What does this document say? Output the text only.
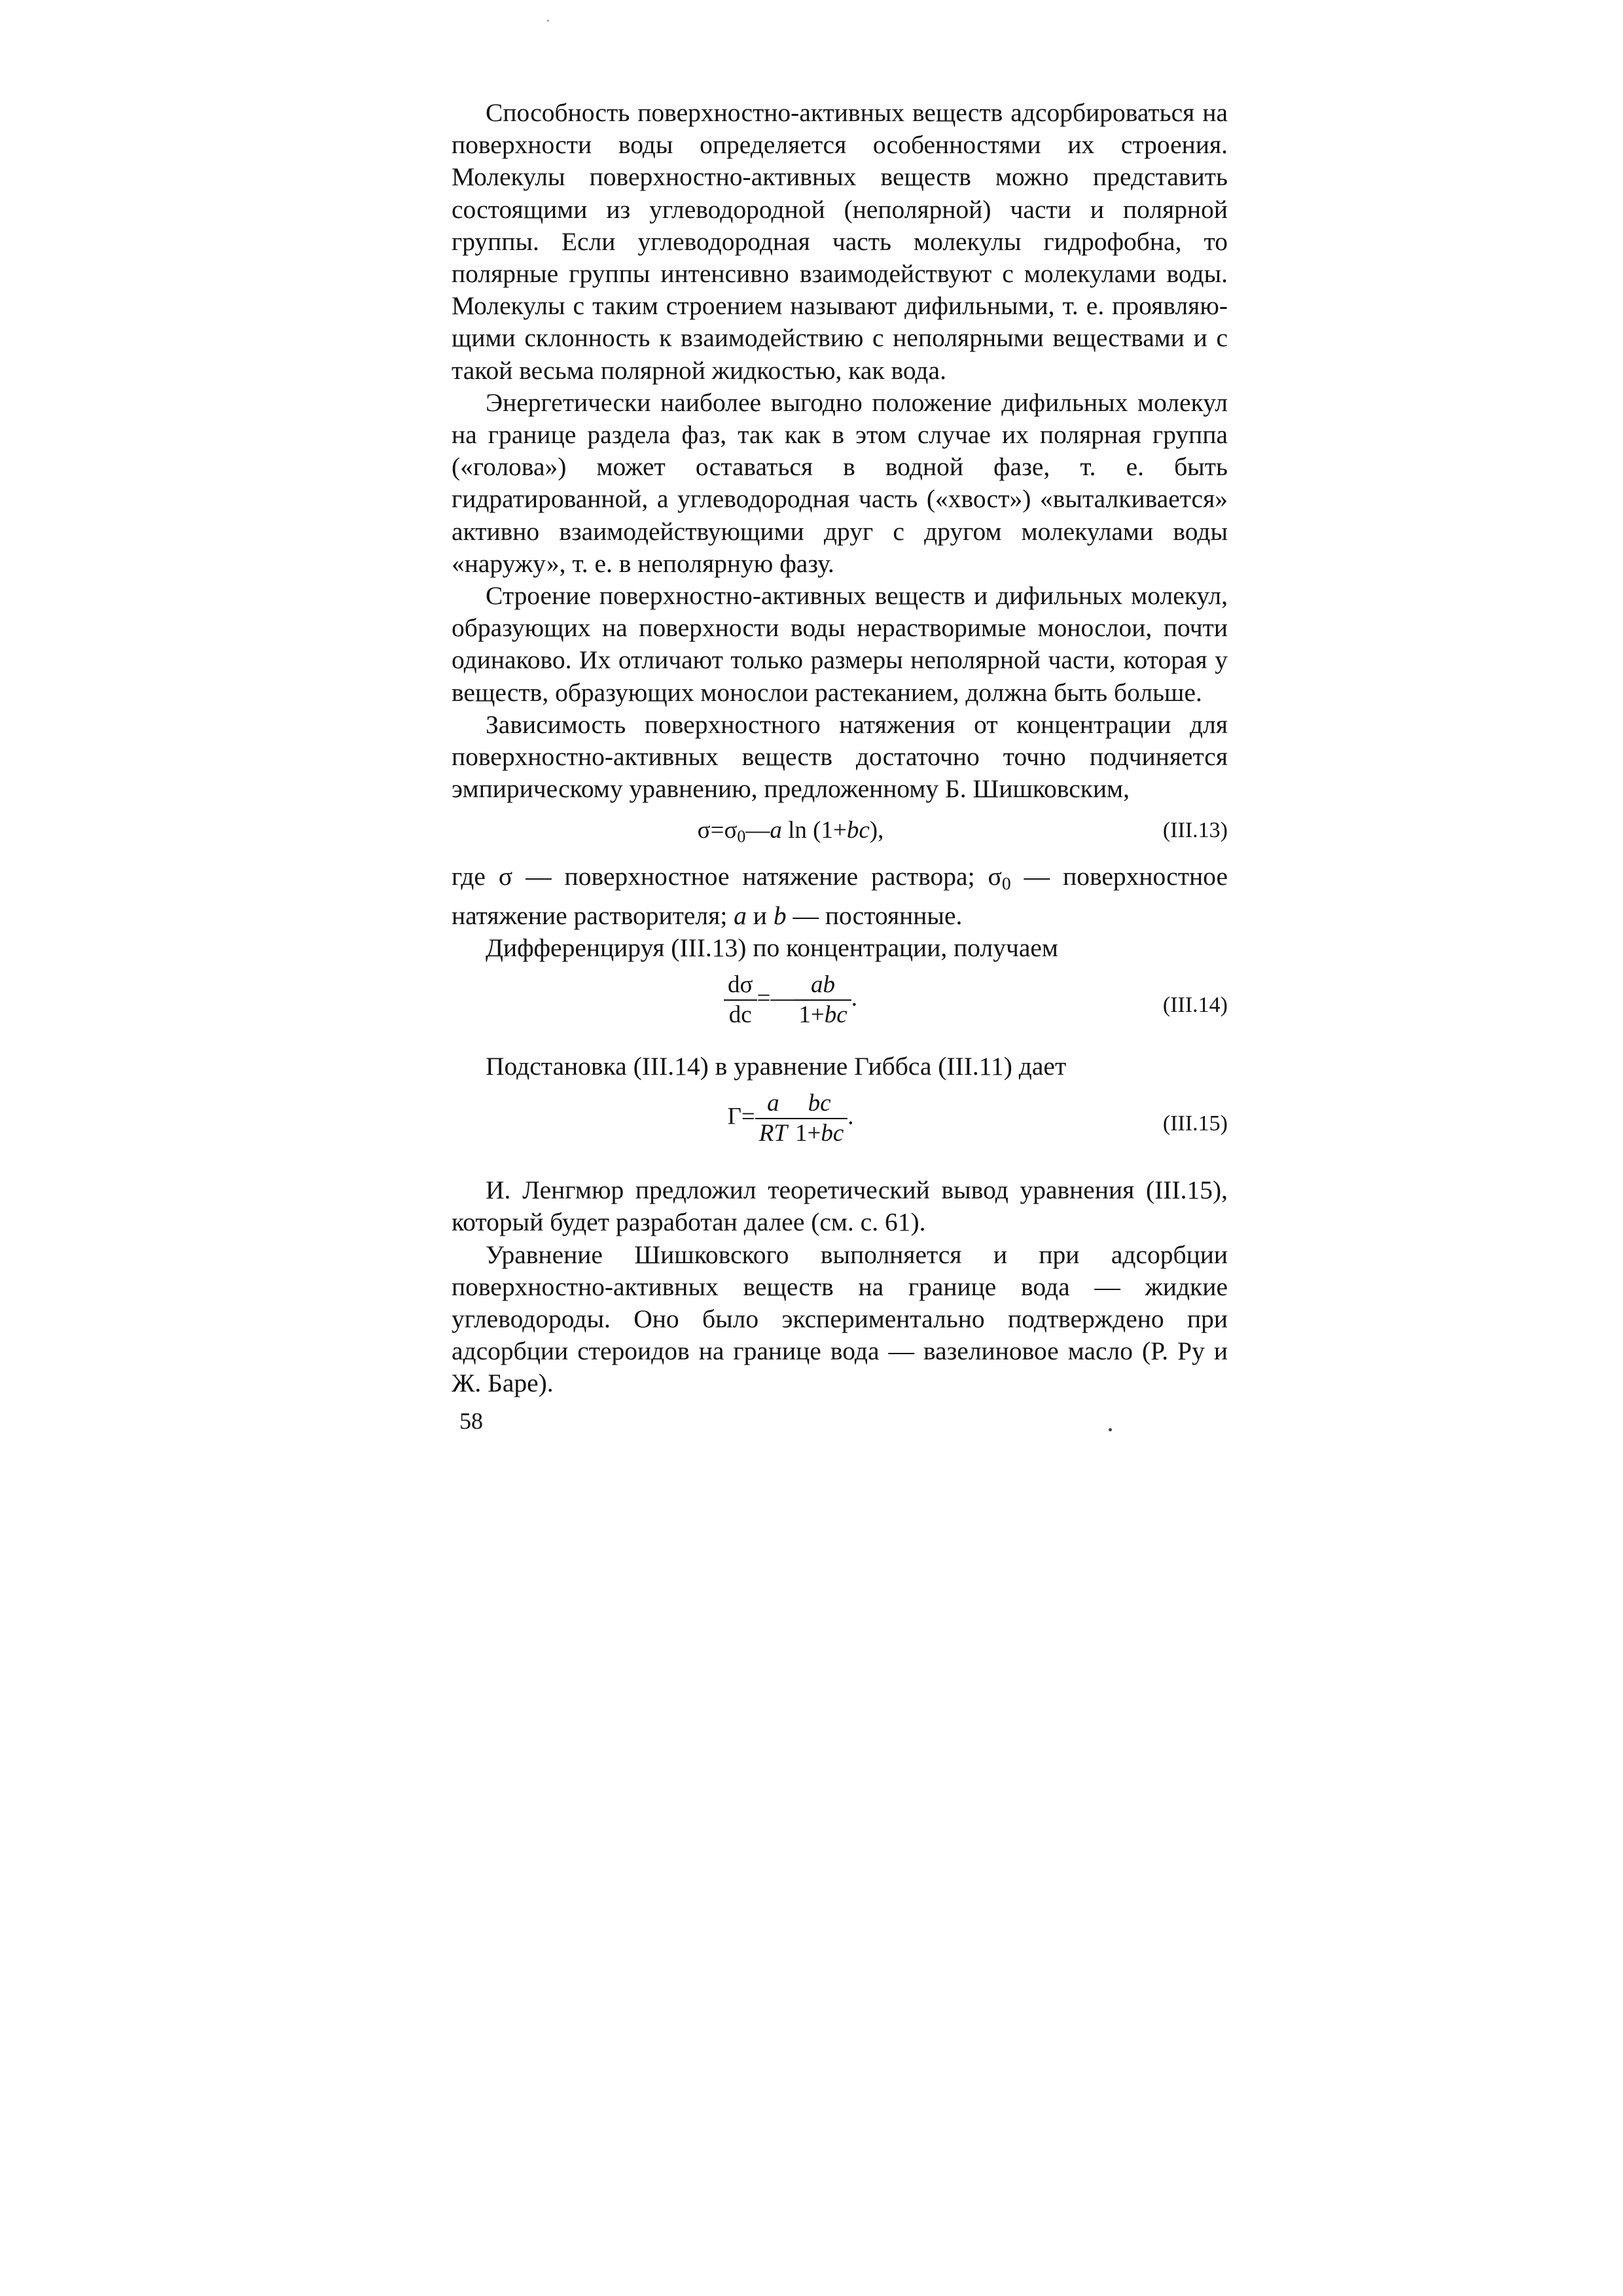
Способность поверхностно-активных веществ адсорбироваться на поверхности воды определяется особенностями их строения. Молекулы поверхностно-активных веществ можно представить состоящими из углеводородной (неполярной) части и полярной группы. Если углеводородная часть молекулы гидрофобна, то полярные группы интенсивно взаимодействуют с молекулами воды. Молекулы с таким строением называют дифильными, т. е. проявляющими склонность к взаимодействию с неполярными веществами и с такой весьма полярной жидкостью, как вода.

Энергетически наиболее выгодно положение дифильных молекул на границе раздела фаз, так как в этом случае их полярная группа («голова») может оставаться в водной фазе, т. е. быть гидратированной, а углеводородная часть («хвост») «выталкивается» активно взаимодействующими друг с другом молекулами воды «наружу», т. е. в неполярную фазу.

Строение поверхностно-активных веществ и дифильных молекул, образующих на поверхности воды нерастворимые монослои, почти одинаково. Их отличают только размеры неполярной части, которая у веществ, образующих монослои растеканием, должна быть больше.

Зависимость поверхностного натяжения от концентрации для поверхностно-активных веществ достаточно точно подчиняется эмпирическому уравнению, предложенному Б. Шишковским,

$\sigma=\sigma_0—a$ ln (1+bc),	(III.13)

где σ — поверхностное натяжение раствора; $\sigma_0$ — поверхностное натяжение растворителя; a и b — постоянные.

Дифференцируя (III.13) по концентрации, получаем

$\frac{d\sigma}{dc}$ =— $\frac{ab}{1+bc}$ .	(III.14)

Подстановка (III.14) в уравнение Гиббса (III.11) дает

$\Gamma= \frac{a}{RT} \frac{bc}{1+bc}$ .	(III.15)

И. Ленгмюр предложил теоретический вывод уравнения (III.15), который будет разработан далее (см. с. 61).

Уравнение Шишковского выполняется и при адсорбции поверхностно-активных веществ на границе вода — жидкие углеводороды. Оно было экспериментально подтверждено при адсорбции стероидов на границе вода — вазелиновое масло (Р. Ру и Ж. Баре).

58
